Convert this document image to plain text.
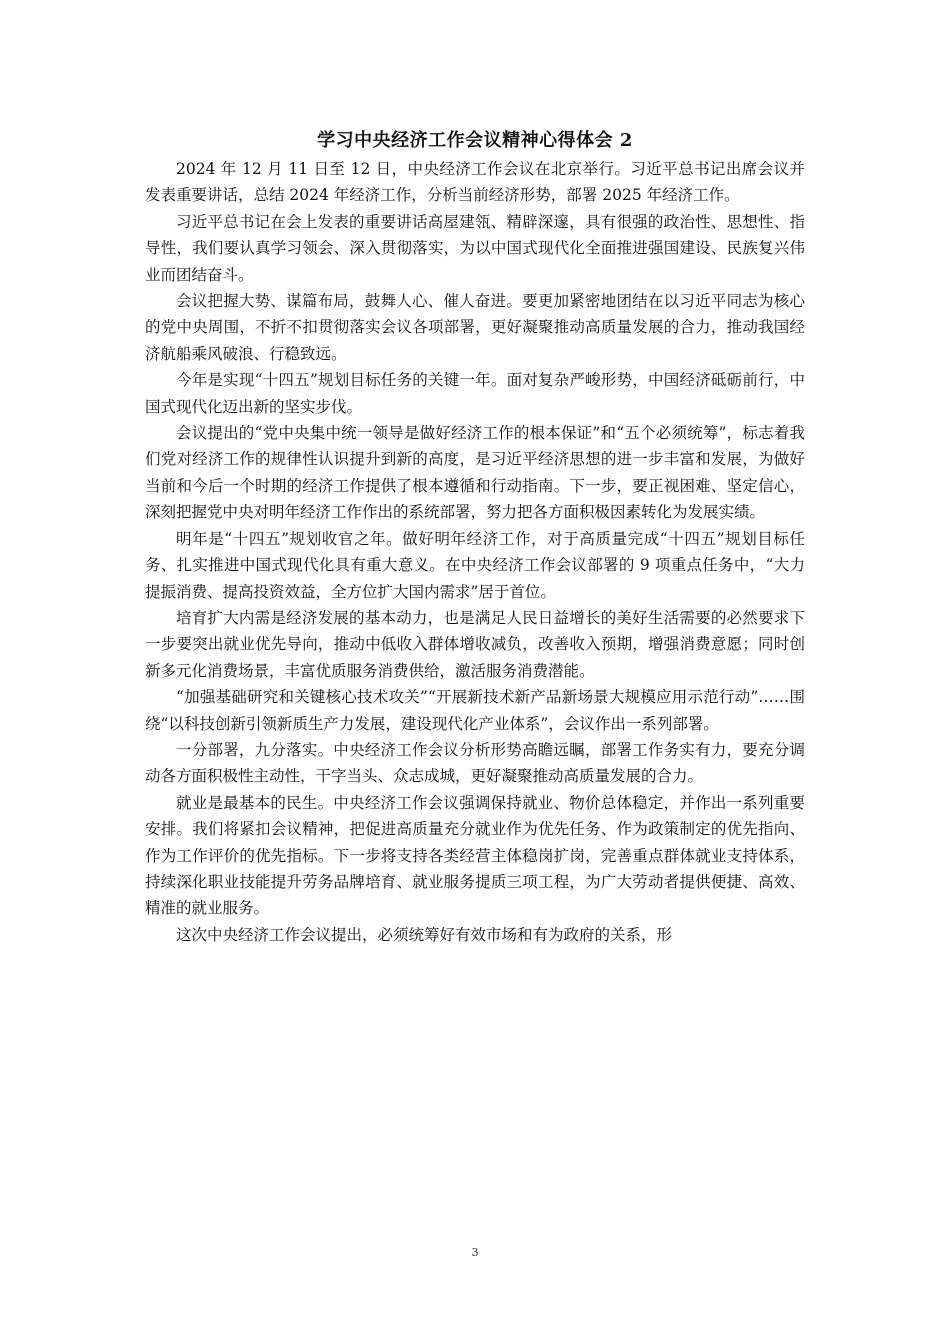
学习中央经济工作会议精神心得体会 2

2024 年 12 月 11 日至 12 日，中央经济工作会议在北京举行。习近平总书记出席会议并发表重要讲话，总结 2024 年经济工作，分析当前经济形势，部署 2025 年经济工作。

习近平总书记在会上发表的重要讲话高屋建瓴、精辟深邃，具有很强的政治性、思想性、指导性，我们要认真学习领会、深入贯彻落实，为以中国式现代化全面推进强国建设、民族复兴伟业而团结奋斗。

会议把握大势、谋篇布局，鼓舞人心、催人奋进。要更加紧密地团结在以习近平同志为核心的党中央周围，不折不扣贯彻落实会议各项部署，更好凝聚推动高质量发展的合力，推动我国经济航船乘风破浪、行稳致远。

今年是实现“十四五”规划目标任务的关键一年。面对复杂严峻形势，中国经济砥砺前行，中国式现代化迈出新的坚实步伐。

会议提出的“党中央集中统一领导是做好经济工作的根本保证”和“五个必须统筹”，标志着我们党对经济工作的规律性认识提升到新的高度，是习近平经济思想的进一步丰富和发展，为做好当前和今后一个时期的经济工作提供了根本遵循和行动指南。下一步，要正视困难、坚定信心，深刻把握党中央对明年经济工作作出的系统部署，努力把各方面积极因素转化为发展实绩。

明年是“十四五”规划收官之年。做好明年经济工作，对于高质量完成“十四五”规划目标任务、扎实推进中国式现代化具有重大意义。在中央经济工作会议部署的 9 项重点任务中，“大力提振消费、提高投资效益，全方位扩大国内需求”居于首位。

培育扩大内需是经济发展的基本动力，也是满足人民日益增长的美好生活需要的必然要求下一步要突出就业优先导向，推动中低收入群体增收减负，改善收入预期，增强消费意愿；同时创新多元化消费场景，丰富优质服务消费供给，激活服务消费潜能。

“加强基础研究和关键核心技术攻关”“开展新技术新产品新场景大规模应用示范行动”……围绕“以科技创新引领新质生产力发展，建设现代化产业体系”，会议作出一系列部署。

一分部署，九分落实。中央经济工作会议分析形势高瞻远瞩，部署工作务实有力，要充分调动各方面积极性主动性，干字当头、众志成城，更好凝聚推动高质量发展的合力。

就业是最基本的民生。中央经济工作会议强调保持就业、物价总体稳定，并作出一系列重要安排。我们将紧扣会议精神，把促进高质量充分就业作为优先任务、作为政策制定的优先指向、作为工作评价的优先指标。下一步将支持各类经营主体稳岗扩岗，完善重点群体就业支持体系，持续深化职业技能提升劳务品牌培育、就业服务提质三项工程，为广大劳动者提供便捷、高效、精准的就业服务。

这次中央经济工作会议提出，必须统筹好有效市场和有为政府的关系，形

3
